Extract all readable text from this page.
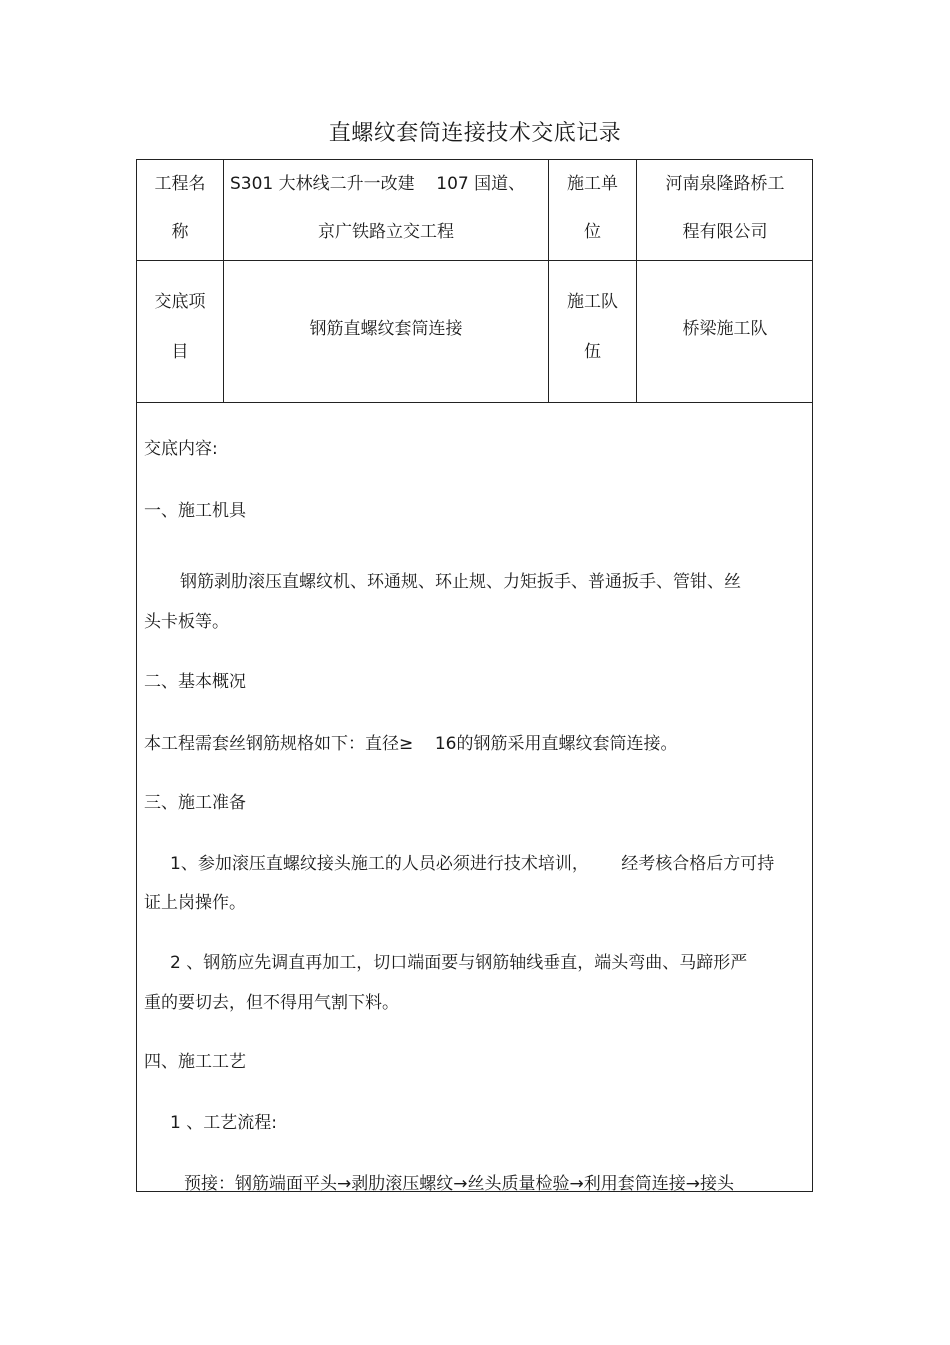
直螺纹套筒连接技术交底记录
工程名
称
S301 大林线二升一改建    107 国道、
京广铁路立交工程
施工单
位
河南泉隆路桥工
程有限公司
交底项
目
钢筋直螺纹套筒连接
施工队
伍
桥梁施工队
交底内容:
一、施工机具
钢筋剥肋滚压直螺纹机、环通规、环止规、力矩扳手、普通扳手、管钳、丝
头卡板等。
二、基本概况
本工程需套丝钢筋规格如下：直径≥    16的钢筋采用直螺纹套筒连接。
三、施工准备
1、参加滚压直螺纹接头施工的人员必须进行技术培训，      经考核合格后方可持
证上岗操作。
2 、钢筋应先调直再加工，切口端面要与钢筋轴线垂直，端头弯曲、马蹄形严
重的要切去，但不得用气割下料。
四、施工工艺
1 、工艺流程:
预接：钢筋端面平头→剥肋滚压螺纹→丝头质量检验→利用套筒连接→接头
